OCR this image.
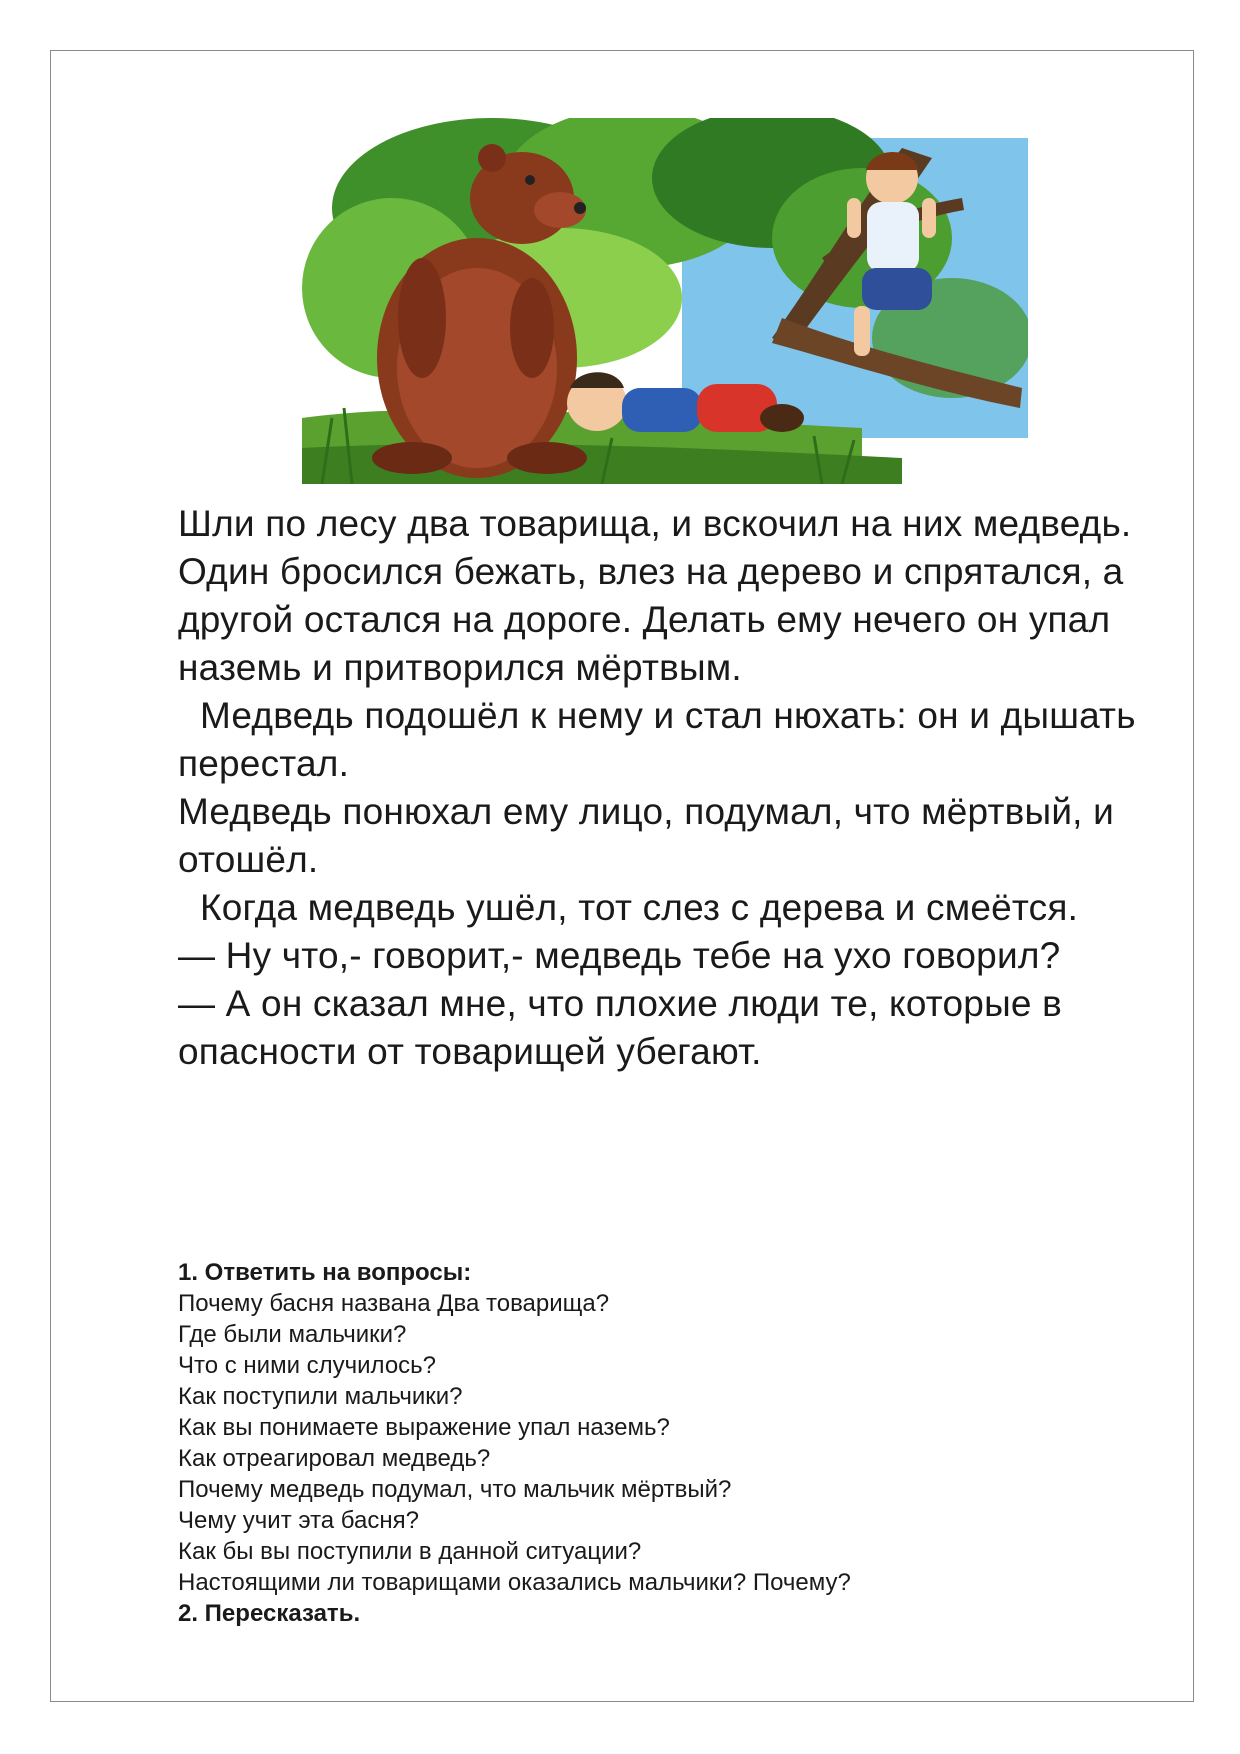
Шли по лесу два товарища, и вскочил на них медведь. Один бросился бежать, влез на дерево и спрятался, а другой остался на дороге. Делать ему нечего он упал наземь и притворился мёртвым.

Медведь подошёл к нему и стал нюхать: он и дышать перестал.

Медведь понюхал ему лицо, подумал, что мёртвый, и отошёл.

Когда медведь ушёл, тот слез с дерева и смеётся.

— Ну что,- говорит,- медведь тебе на ухо говорил?

— А он сказал мне, что плохие люди те, которые в опасности от товарищей убегают.

1. Ответить на вопросы:
Почему басня названа Два товарища?
Где были мальчики?
Что с ними случилось?
Как поступили мальчики?
Как вы понимаете выражение упал наземь?
Как отреагировал медведь?
Почему медведь подумал, что мальчик мёртвый?
Чему учит эта басня?
Как бы вы поступили в данной ситуации?
Настоящими ли товарищами оказались мальчики? Почему?
2. Пересказать.
